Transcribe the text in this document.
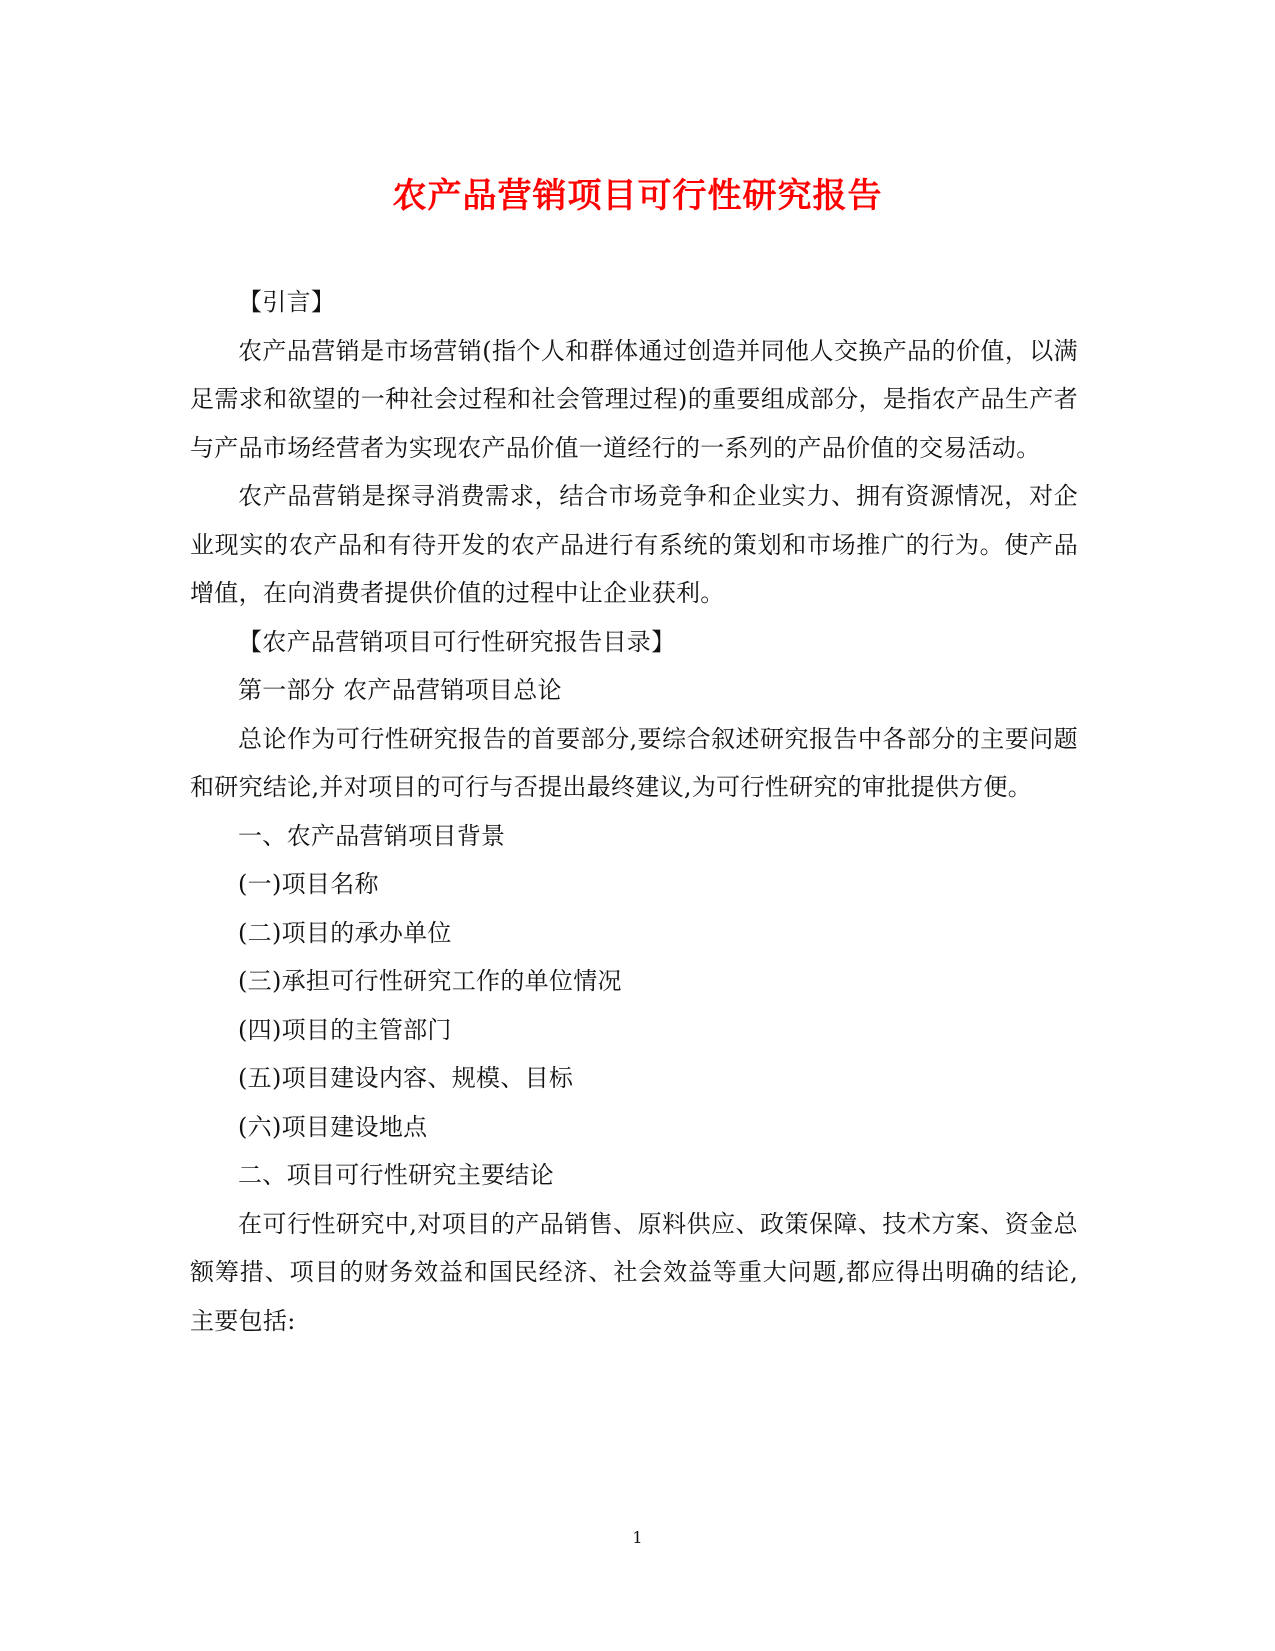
农产品营销项目可行性研究报告

【引言】

农产品营销是市场营销(指个人和群体通过创造并同他人交换产品的价值，以满足需求和欲望的一种社会过程和社会管理过程)的重要组成部分，是指农产品生产者与产品市场经营者为实现农产品价值一道经行的一系列的产品价值的交易活动。

农产品营销是探寻消费需求，结合市场竞争和企业实力、拥有资源情况，对企业现实的农产品和有待开发的农产品进行有系统的策划和市场推广的行为。使产品增值，在向消费者提供价值的过程中让企业获利。

【农产品营销项目可行性研究报告目录】

第一部分 农产品营销项目总论

总论作为可行性研究报告的首要部分,要综合叙述研究报告中各部分的主要问题和研究结论,并对项目的可行与否提出最终建议,为可行性研究的审批提供方便。

一、农产品营销项目背景

(一)项目名称

(二)项目的承办单位

(三)承担可行性研究工作的单位情况

(四)项目的主管部门

(五)项目建设内容、规模、目标

(六)项目建设地点

二、项目可行性研究主要结论

在可行性研究中,对项目的产品销售、原料供应、政策保障、技术方案、资金总额筹措、项目的财务效益和国民经济、社会效益等重大问题,都应得出明确的结论,主要包括:

1
